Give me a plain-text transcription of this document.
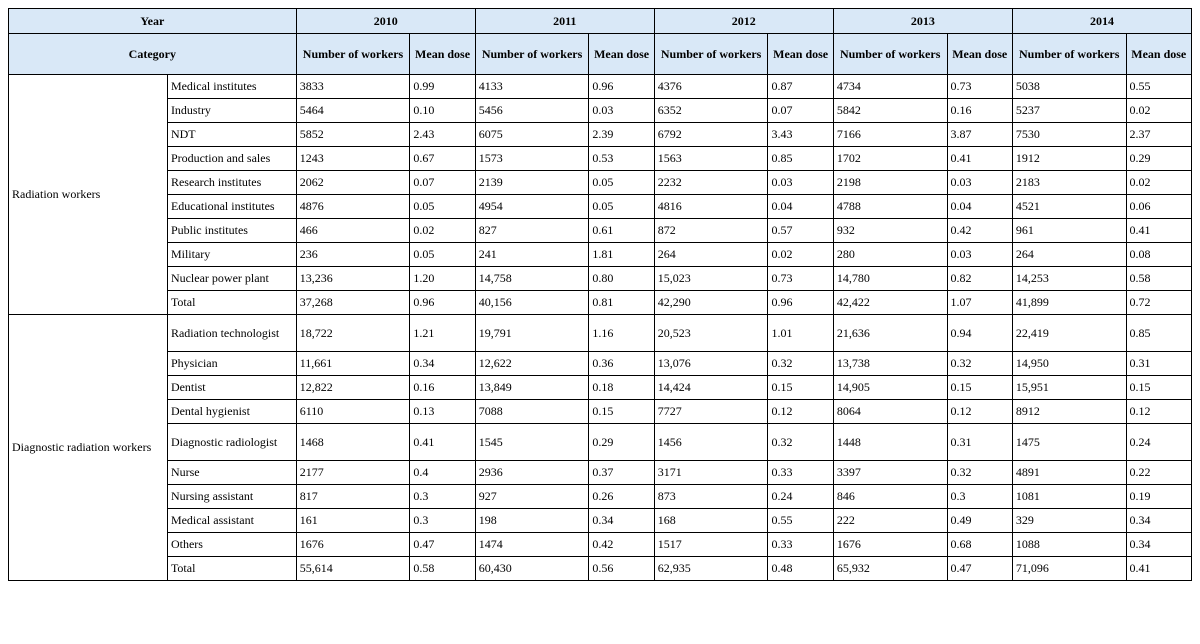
Year		2010		2011		2012		2013		2014	
Category		Number of workers	Mean dose	Number of workers	Mean dose	Number of workers	Mean dose	Number of workers	Mean dose	Number of workers	Mean dose
Radiation workers	Medical institutes	3833	0.99	4133	0.96	4376	0.87	4734	0.73	5038	0.55
	Industry	5464	0.10	5456	0.03	6352	0.07	5842	0.16	5237	0.02
	NDT	5852	2.43	6075	2.39	6792	3.43	7166	3.87	7530	2.37
	Production and sales	1243	0.67	1573	0.53	1563	0.85	1702	0.41	1912	0.29
	Research institutes	2062	0.07	2139	0.05	2232	0.03	2198	0.03	2183	0.02
	Educational institutes	4876	0.05	4954	0.05	4816	0.04	4788	0.04	4521	0.06
	Public institutes	466	0.02	827	0.61	872	0.57	932	0.42	961	0.41
	Military	236	0.05	241	1.81	264	0.02	280	0.03	264	0.08
	Nuclear power plant	13,236	1.20	14,758	0.80	15,023	0.73	14,780	0.82	14,253	0.58
	Total	37,268	0.96	40,156	0.81	42,290	0.96	42,422	1.07	41,899	0.72
Diagnostic radiation workers	Radiation technologist	18,722	1.21	19,791	1.16	20,523	1.01	21,636	0.94	22,419	0.85
	Physician	11,661	0.34	12,622	0.36	13,076	0.32	13,738	0.32	14,950	0.31
	Dentist	12,822	0.16	13,849	0.18	14,424	0.15	14,905	0.15	15,951	0.15
	Dental hygienist	6110	0.13	7088	0.15	7727	0.12	8064	0.12	8912	0.12
	Diagnostic radiologist	1468	0.41	1545	0.29	1456	0.32	1448	0.31	1475	0.24
	Nurse	2177	0.4	2936	0.37	3171	0.33	3397	0.32	4891	0.22
	Nursing assistant	817	0.3	927	0.26	873	0.24	846	0.3	1081	0.19
	Medical assistant	161	0.3	198	0.34	168	0.55	222	0.49	329	0.34
	Others	1676	0.47	1474	0.42	1517	0.33	1676	0.68	1088	0.34
	Total	55,614	0.58	60,430	0.56	62,935	0.48	65,932	0.47	71,096	0.41
